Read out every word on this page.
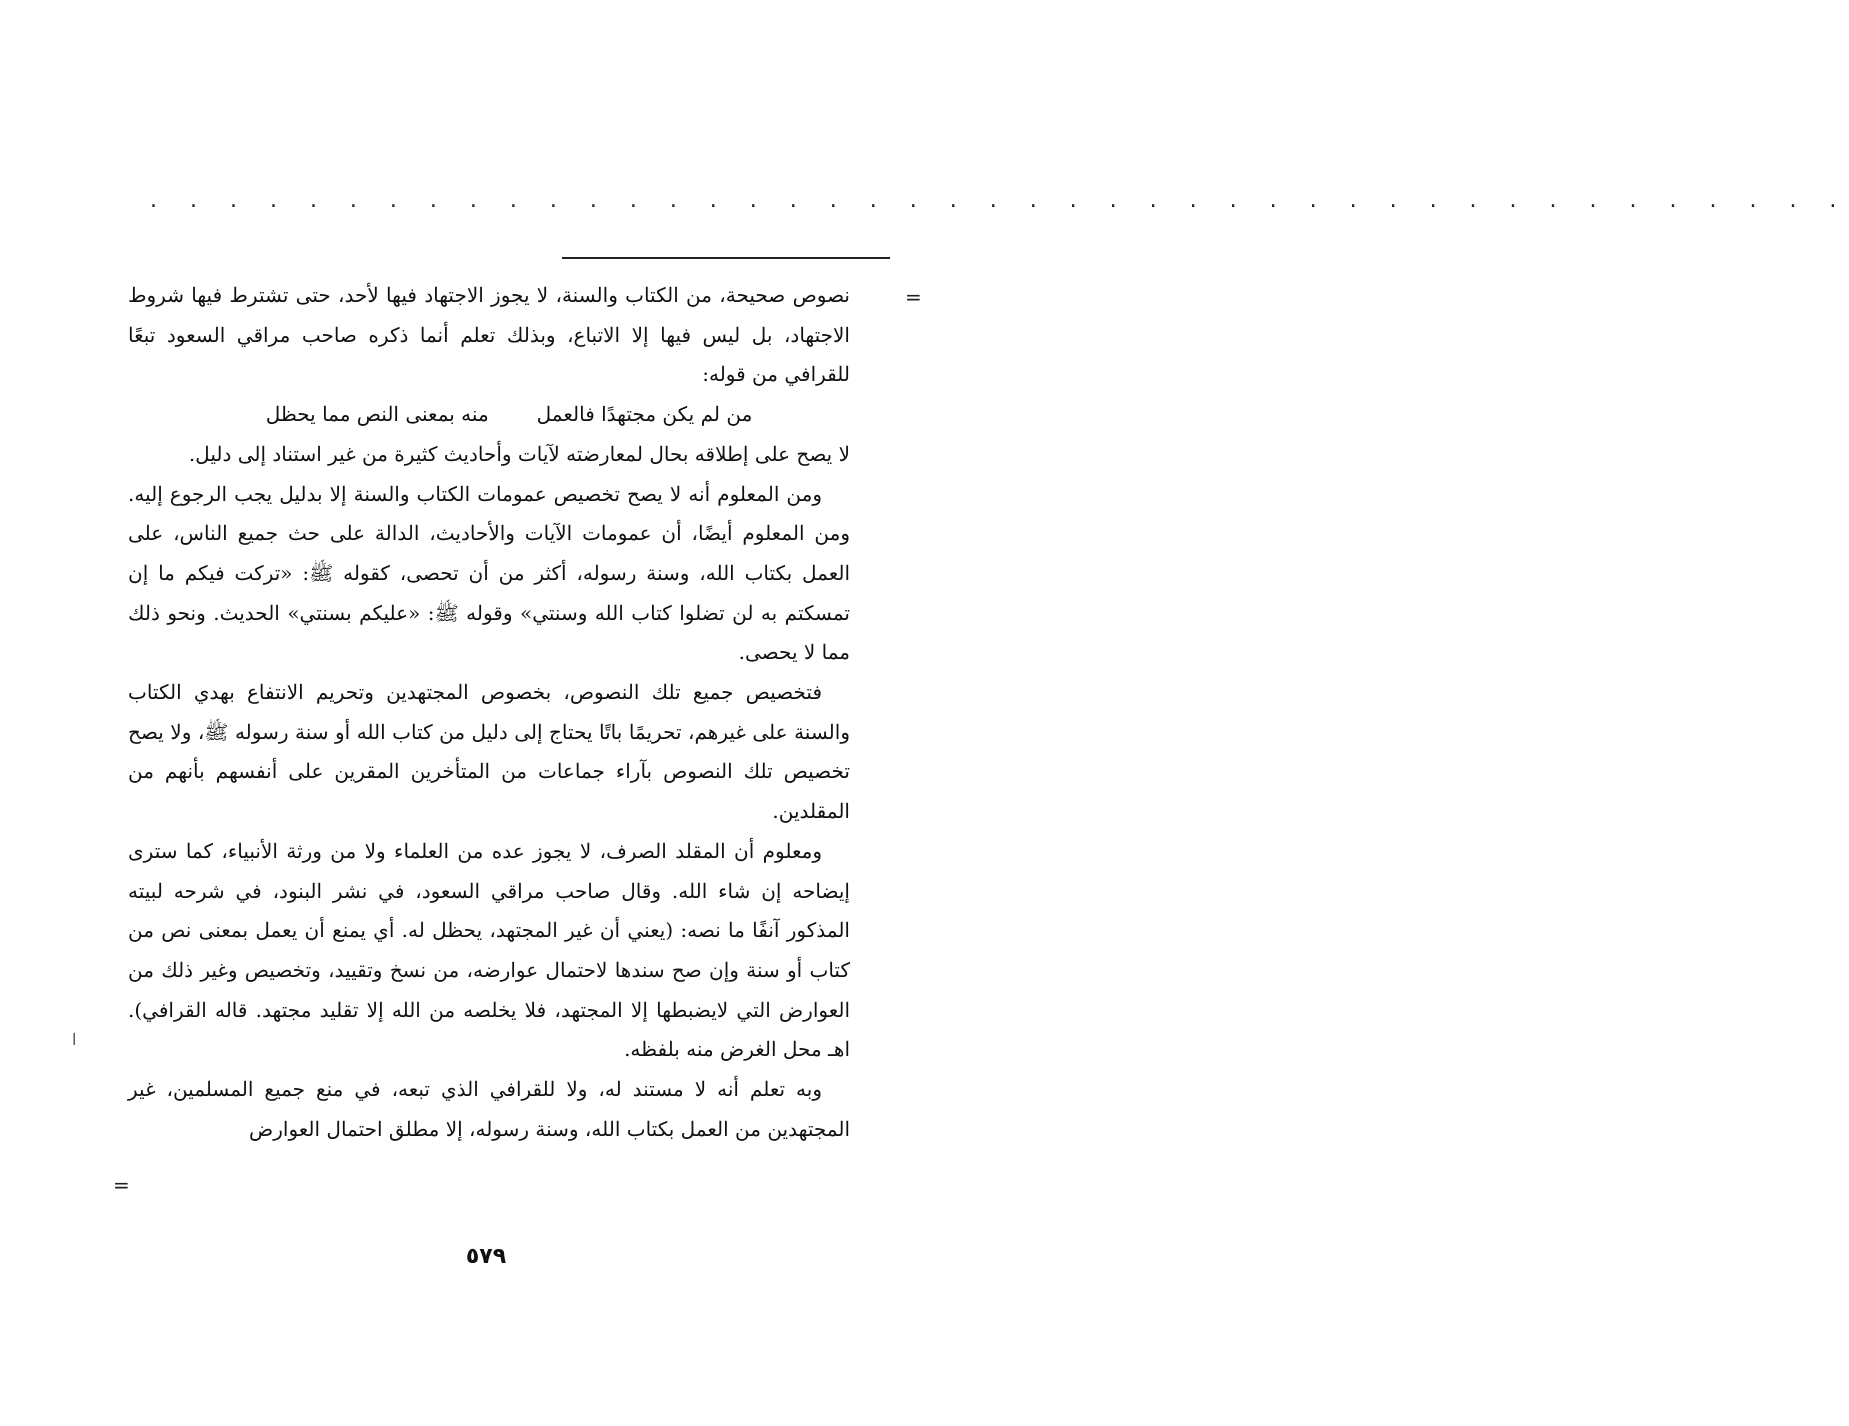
. . . . . . . . . . . . . . . . . . . . . . . . . . . . . . . . . . . . . . . . . . .
=
ا

نصوص صحيحة، من الكتاب والسنة، لا يجوز الاجتهاد فيها لأحد، حتى تشترط فيها شروط الاجتهاد، بل ليس فيها إلا الاتباع، وبذلك تعلم أنما ذكره صاحب مراقي السعود تبعًا للقرافي من قوله:

من لم يكن مجتهدًا فالعمل
منه بمعنى النص مما يحظل

لا يصح على إطلاقه بحال لمعارضته لآيات وأحاديث كثيرة من غير استناد إلى دليل.

ومن المعلوم أنه لا يصح تخصيص عمومات الكتاب والسنة إلا بدليل يجب الرجوع إليه. ومن المعلوم أيضًا، أن عمومات الآيات والأحاديث، الدالة على حث جميع الناس، على العمل بكتاب الله، وسنة رسوله، أكثر من أن تحصى، كقوله ﷺ: «تركت فيكم ما إن تمسكتم به لن تضلوا كتاب الله وسنتي» وقوله ﷺ: «عليكم بسنتي» الحديث. ونحو ذلك مما لا يحصى.

فتخصيص جميع تلك النصوص، بخصوص المجتهدين وتحريم الانتفاع بهدي الكتاب والسنة على غيرهم، تحريمًا باتًا يحتاج إلى دليل من كتاب الله أو سنة رسوله ﷺ، ولا يصح تخصيص تلك النصوص بآراء جماعات من المتأخرين المقرين على أنفسهم بأنهم من المقلدين.

ومعلوم أن المقلد الصرف، لا يجوز عده من العلماء ولا من ورثة الأنبياء، كما سترى إيضاحه إن شاء الله. وقال صاحب مراقي السعود، في نشر البنود، في شرحه لبيته المذكور آنفًا ما نصه: (يعني أن غير المجتهد، يحظل له. أي يمنع أن يعمل بمعنى نص من كتاب أو سنة وإن صح سندها لاحتمال عوارضه، من نسخ وتقييد، وتخصيص وغير ذلك من العوارض التي لايضبطها إلا المجتهد، فلا يخلصه من الله إلا تقليد مجتهد. قاله القرافي). اهـ محل الغرض منه بلفظه.

وبه تعلم أنه لا مستند له، ولا للقرافي الذي تبعه، في منع جميع المسلمين، غير المجتهدين من العمل بكتاب الله، وسنة رسوله، إلا مطلق احتمال العوارض

=
٥٧٩
